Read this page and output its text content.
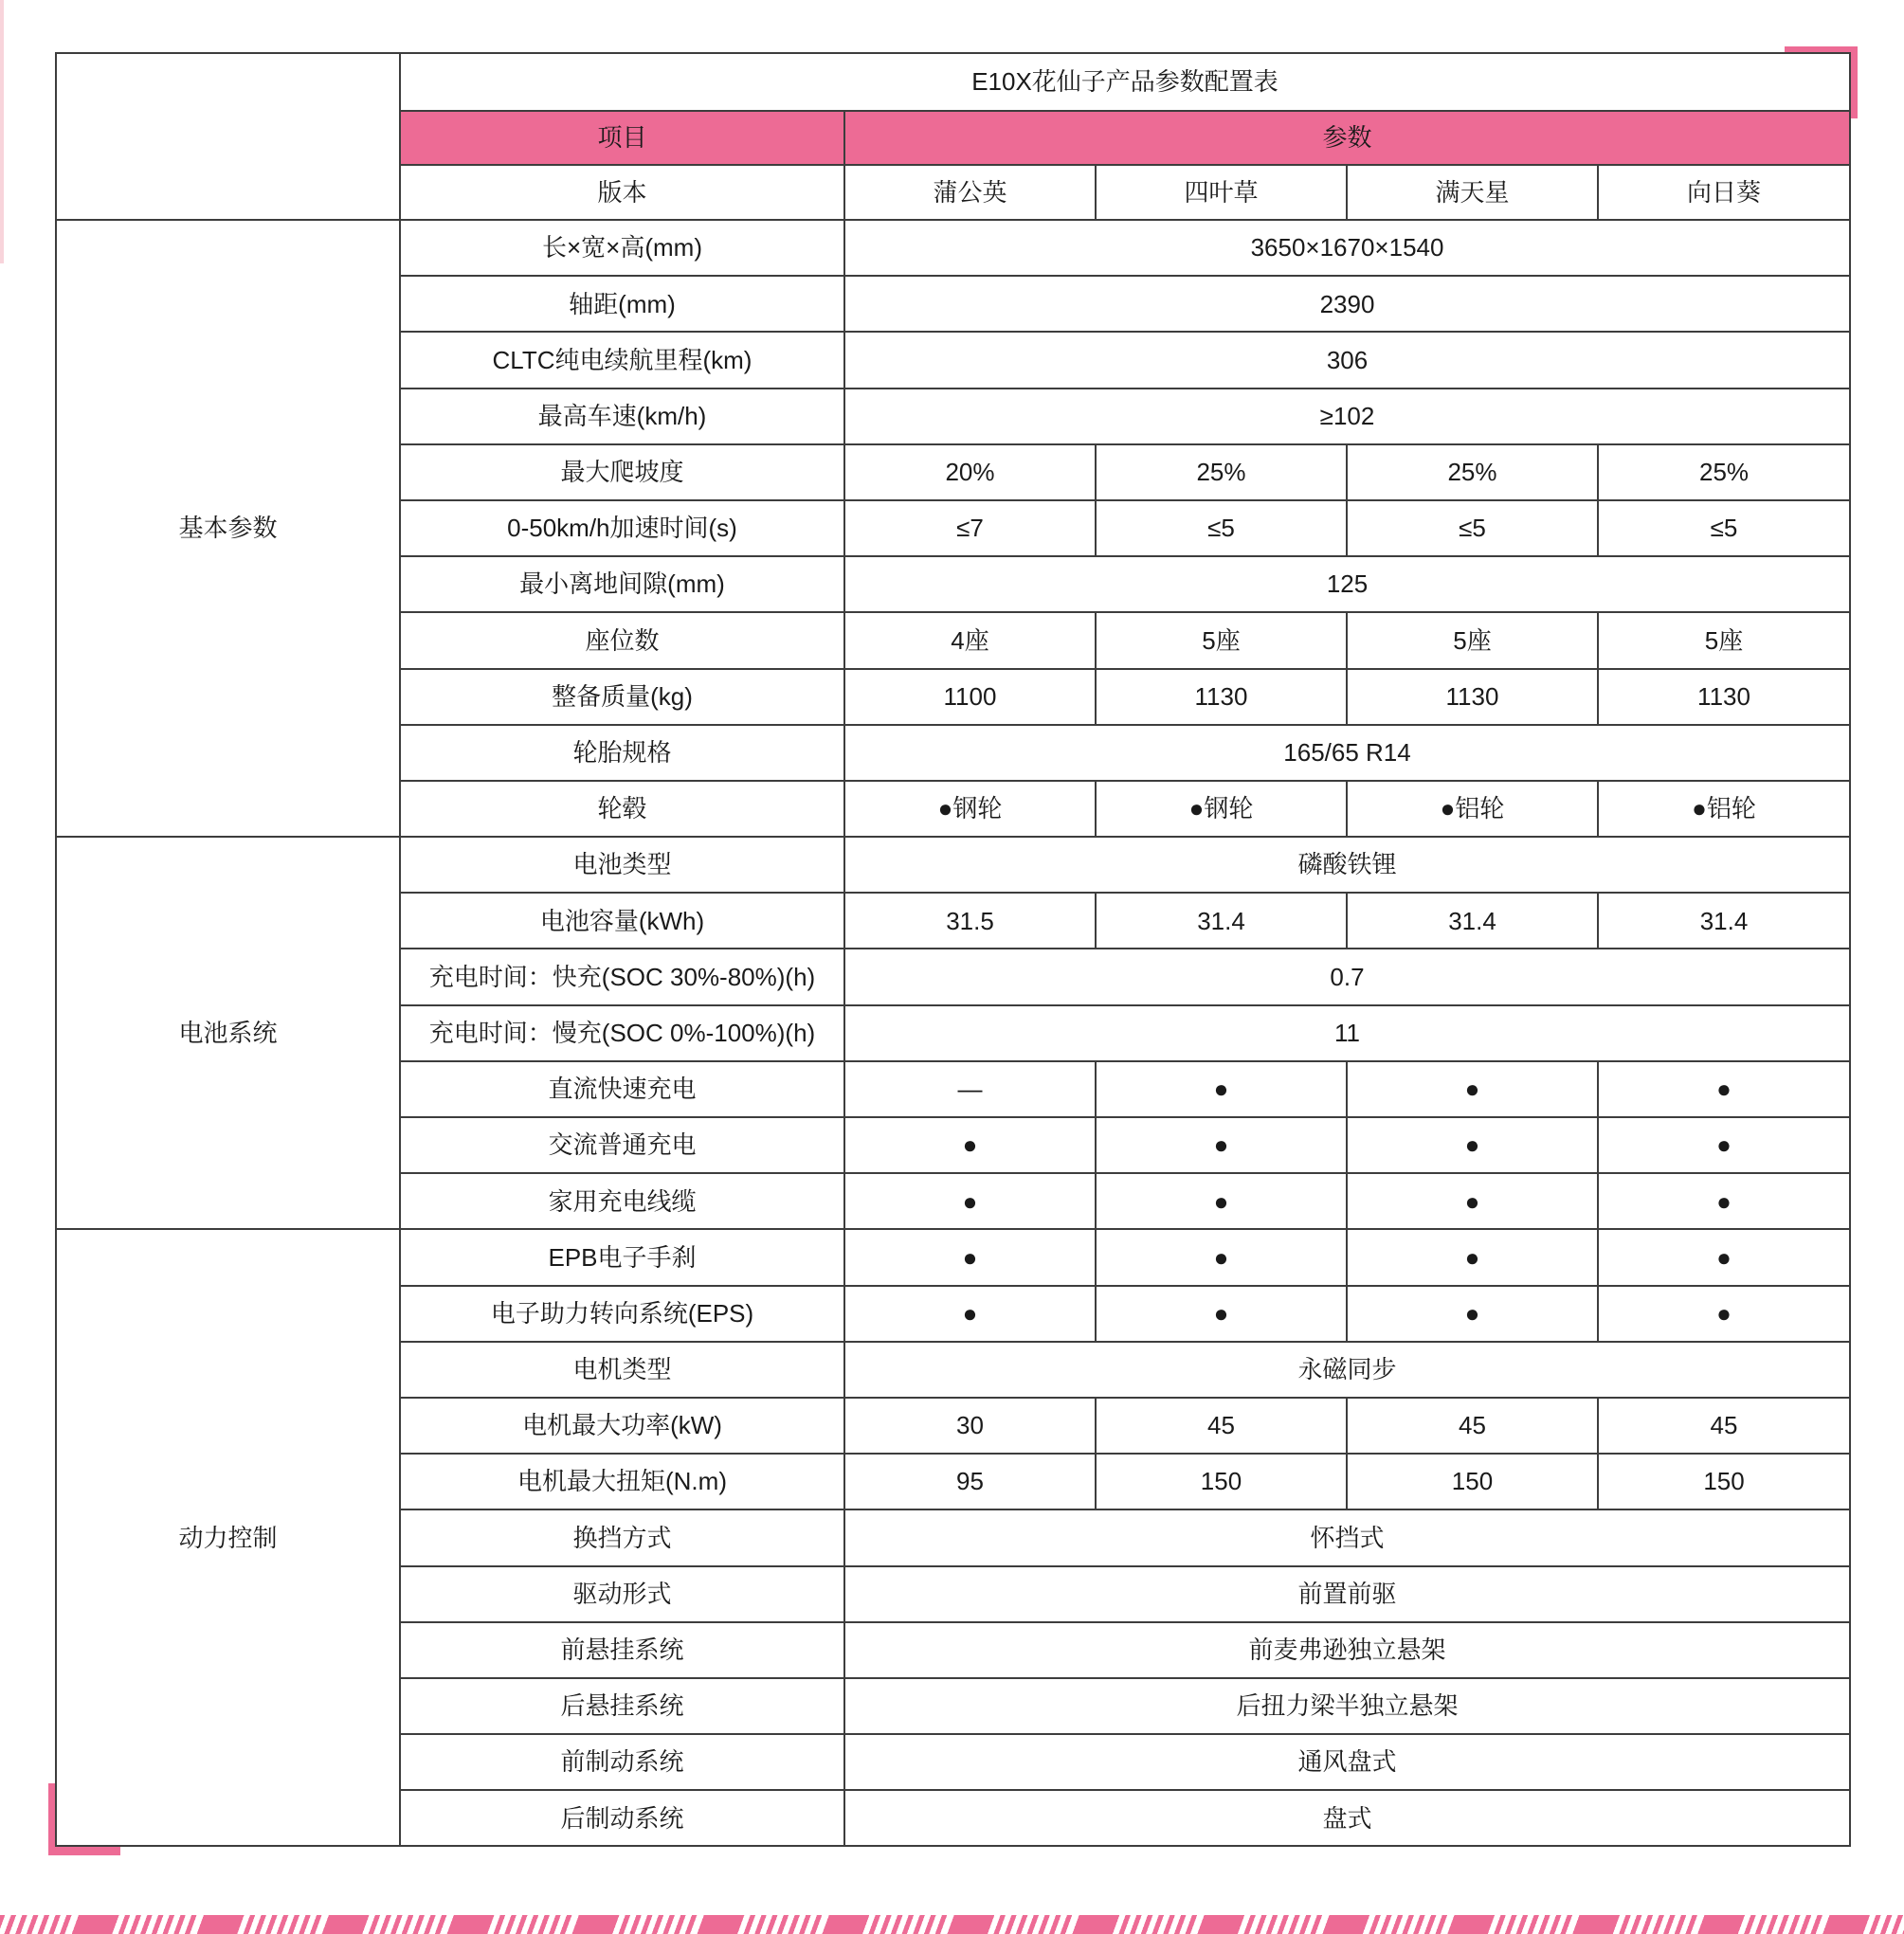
	E10X花仙子产品参数配置表				
	项目	参数			
	版本	蒲公英	四叶草	满天星	向日葵
基本参数	长×宽×高(mm)	3650×1670×1540			
	轴距(mm)	2390			
	CLTC纯电续航里程(km)	306			
	最高车速(km/h)	≥102			
	最大爬坡度	20%	25%	25%	25%
	0-50km/h加速时间(s)	≤7	≤5	≤5	≤5
	最小离地间隙(mm)	125			
	座位数	4座	5座	5座	5座
	整备质量(kg)	1100	1130	1130	1130
	轮胎规格	165/65 R14			
	轮毂	●钢轮	●钢轮	●铝轮	●铝轮
电池系统	电池类型	磷酸铁锂			
	电池容量(kWh)	31.5	31.4	31.4	31.4
	充电时间：快充(SOC 30%-80%)(h)	0.7			
	充电时间：慢充(SOC 0%-100%)(h)	11			
	直流快速充电	—	●	●	●
	交流普通充电	●	●	●	●
	家用充电线缆	●	●	●	●
动力控制	EPB电子手刹	●	●	●	●
	电子助力转向系统(EPS)	●	●	●	●
	电机类型	永磁同步			
	电机最大功率(kW)	30	45	45	45
	电机最大扭矩(N.m)	95	150	150	150
	换挡方式	怀挡式			
	驱动形式	前置前驱			
	前悬挂系统	前麦弗逊独立悬架			
	后悬挂系统	后扭力梁半独立悬架			
	前制动系统	通风盘式			
	后制动系统	盘式			
